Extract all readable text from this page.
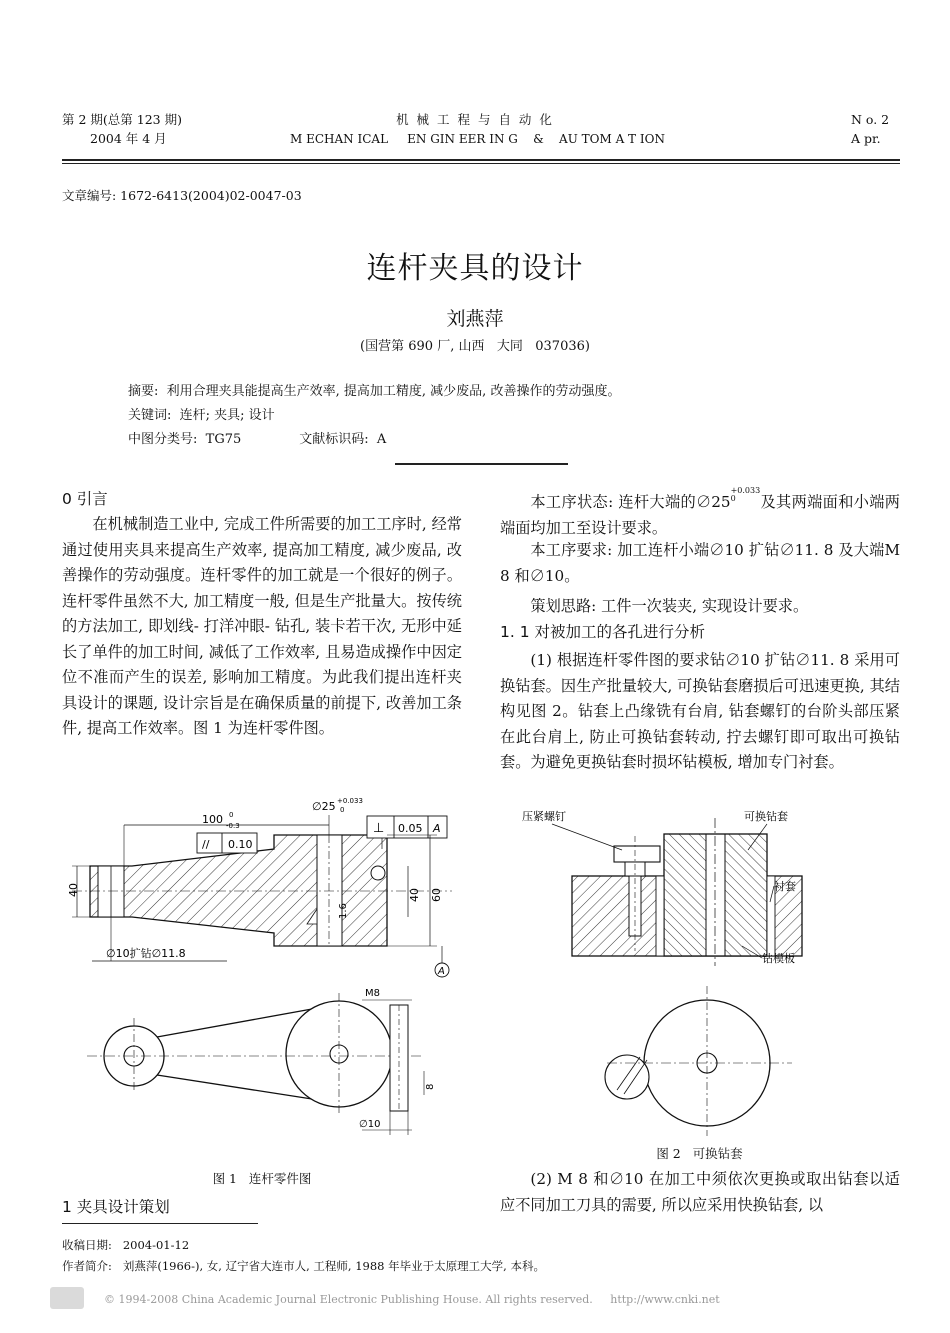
第 2 期(总第 123 期)
2004 年 4 月
机 械 工 程 与 自 动 化
M ECHAN ICAL     EN GIN EER IN G    &    AU TOM A T ION
N o. 2
A pr.
文章编号: 1672-6413(2004)02-0047-03
连杆夹具的设计
刘燕萍
(国营第 690 厂, 山西   大同   037036)
摘要: 利用合理夹具能提高生产效率, 提高加工精度, 减少废品, 改善操作的劳动强度。
关键词: 连杆; 夹具; 设计
中图分类号: TG75	文献标识码: A
0 引言
在机械制造工业中, 完成工件所需要的加工工序时, 经常通过使用夹具来提高生产效率, 提高加工精度, 减少废品, 改善操作的劳动强度。连杆零件的加工就是一个很好的例子。连杆零件虽然不大, 加工精度一般, 但是生产批量大。按传统的方法加工, 即划线- 打洋冲眼- 钻孔, 装卡若干次, 无形中延长了单件的加工时间, 减低了工作效率, 且易造成操作中因定位不准而产生的误差, 影响加工精度。为此我们提出连杆夹具设计的课题, 设计宗旨是在确保质量的前提下, 改善加工条件, 提高工作效率。图 1 为连杆零件图。
40
100 0
-0.3
// 0.10
∅25 +0.033
0
⊥ 0.05 A
40 60
1.6
∅10扩钻∅11.8
A
M8
8
∅10
图 1   连杆零件图
1 夹具设计策划
本工序状态: 连杆大端的∅25+0.033
0 及其两端面和小端两端面均加工至设计要求。
本工序要求: 加工连杆小端∅10 扩钻∅11. 8 及大端M 8 和∅10。
策划思路: 工件一次装夹, 实现设计要求。
1. 1 对被加工的各孔进行分析
(1) 根据连杆零件图的要求钻∅10 扩钻∅11. 8 采用可换钻套。因生产批量较大, 可换钻套磨损后可迅速更换, 其结构见图 2。钻套上凸缘铣有台肩, 钻套螺钉的台阶头部压紧在此台肩上, 防止可换钻套转动, 拧去螺钉即可取出可换钻套。为避免更换钻套时损坏钻模板, 增加专门衬套。
压紧螺钉	可换钻套
衬套
钻模板
图 2   可换钻套
(2) M 8 和∅10 在加工中须依次更换或取出钻套以适应不同加工刀具的需要, 所以应采用快换钻套, 以
收稿日期:   2004-01-12
作者简介:   刘燕萍(1966-), 女, 辽宁省大连市人, 工程师, 1988 年毕业于太原理工大学, 本科。
© 1994-2008 China Academic Journal Electronic Publishing House. All rights reserved.     http://www.cnki.net
